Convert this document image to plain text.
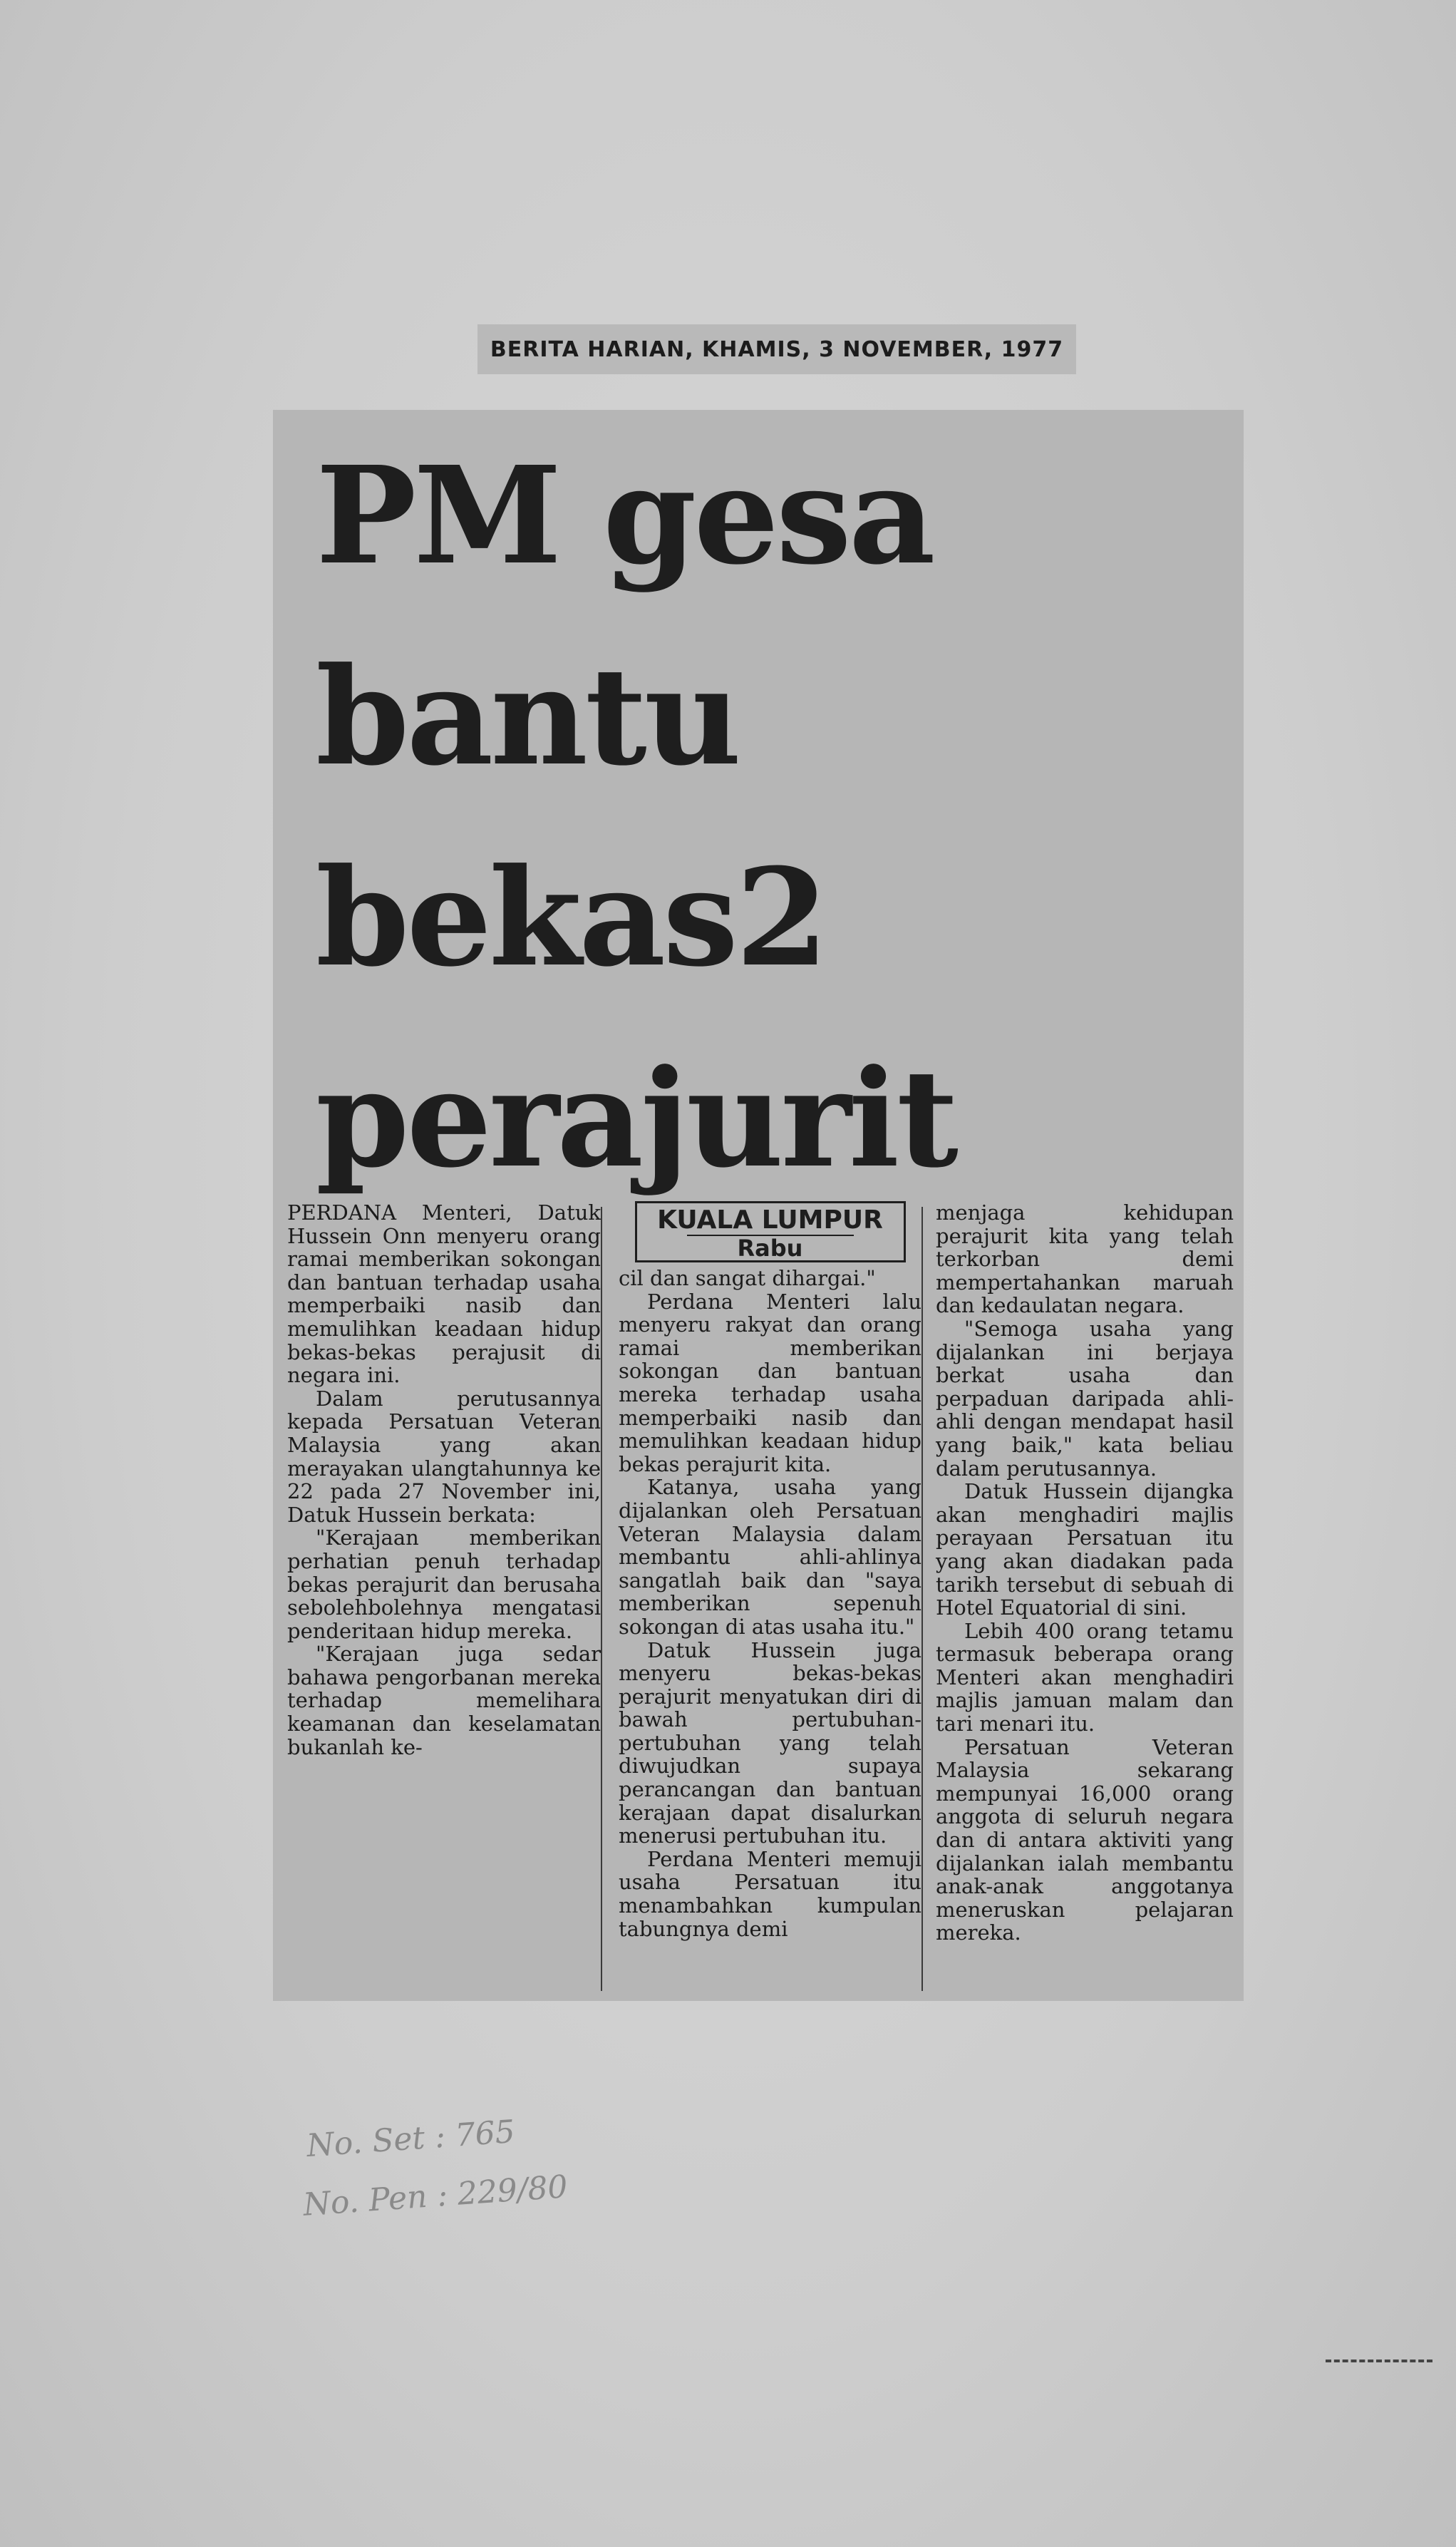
BERITA HARIAN, KHAMIS, 3 NOVEMBER, 1977
PM gesa
bantu
bekas2
perajurit

PERDANA Menteri, Datuk Hussein Onn menyeru orang ramai memberikan sokongan dan bantuan terhadap usaha memperbaiki nasib dan memulihkan keadaan hidup bekas-bekas perajusit di negara ini.

Dalam perutusannya kepada Persatuan Veteran Malaysia yang akan merayakan ulangtahunnya ke 22 pada 27 November ini, Datuk Hussein berkata:

"Kerajaan memberikan perhatian penuh terhadap bekas perajurit dan berusaha sebolehbolehnya mengatasi penderitaan hidup mereka.

"Kerajaan juga sedar bahawa pengorbanan mereka terhadap memelihara keamanan dan keselamatan bukanlah ke-

KUALA LUMPUR
Rabu

cil dan sangat dihargai."

Perdana Menteri lalu menyeru rakyat dan orang ramai memberikan sokongan dan bantuan mereka terhadap usaha memperbaiki nasib dan memulihkan keadaan hidup bekas perajurit kita.

Katanya, usaha yang dijalankan oleh Persatuan Veteran Malaysia dalam membantu ahli-ahlinya sangatlah baik dan "saya memberikan sepenuh sokongan di atas usaha itu."

Datuk Hussein juga menyeru bekas-bekas perajurit menyatukan diri di bawah pertubuhan-pertubuhan yang telah diwujudkan supaya perancangan dan bantuan kerajaan dapat disalurkan menerusi pertubuhan itu.

Perdana Menteri memuji usaha Persatuan itu menambahkan kumpulan tabungnya demi

menjaga kehidupan perajurit kita yang telah terkorban demi mempertahankan maruah dan kedaulatan negara.

"Semoga usaha yang dijalankan ini berjaya berkat usaha dan perpaduan daripada ahli-ahli dengan mendapat hasil yang baik," kata beliau dalam perutusannya.

Datuk Hussein dijangka akan menghadiri majlis perayaan Persatuan itu yang akan diadakan pada tarikh tersebut di sebuah di Hotel Equatorial di sini.

Lebih 400 orang tetamu termasuk beberapa orang Menteri akan menghadiri majlis jamuan malam dan tari menari itu.

Persatuan Veteran Malaysia sekarang mempunyai 16,000 orang anggota di seluruh negara dan di antara aktiviti yang dijalankan ialah membantu anak-anak anggotanya meneruskan pelajaran mereka.

No. Set : 765
No. Pen : 229/80
